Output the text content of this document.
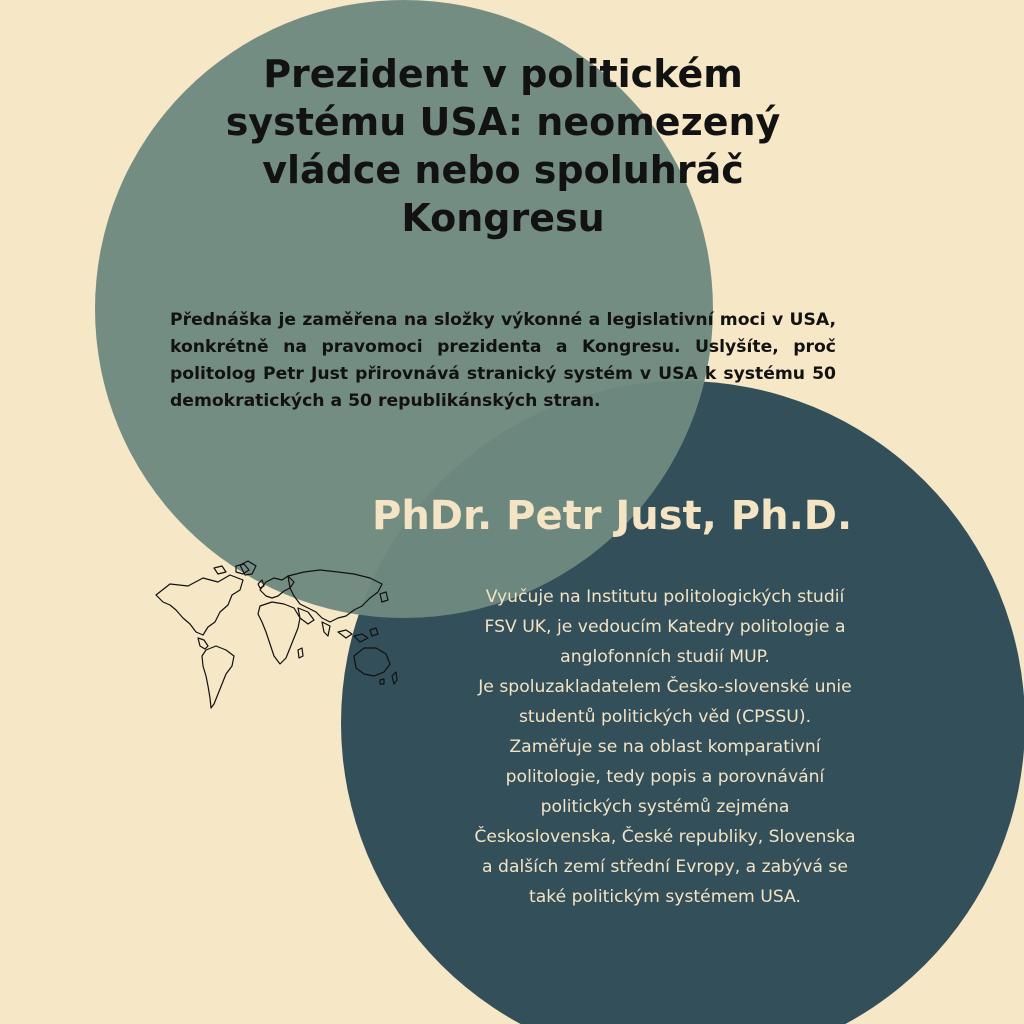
Prezident v politickém
systému USA: neomezený
vládce nebo spoluhráč
Kongresu

Přednáška je zaměřena na složky výkonné a legislativní moci v USA, konkrétně na pravomoci prezidenta a Kongresu. Uslyšíte, proč politolog Petr Just přirovnává stranický systém v USA k systému 50 demokratických a 50 republikánských stran.

PhDr. Petr Just, Ph.D.

Vyučuje na Institutu politologických studií
FSV UK, je vedoucím Katedry politologie a
anglofonních studií MUP.
Je spoluzakladatelem Česko-slovenské unie
studentů politických věd (CPSSU).
Zaměřuje se na oblast komparativní
politologie, tedy popis a porovnávání
politických systémů zejména
Československa, České republiky, Slovenska
a dalších zemí střední Evropy, a zabývá se
také politickým systémem USA.
